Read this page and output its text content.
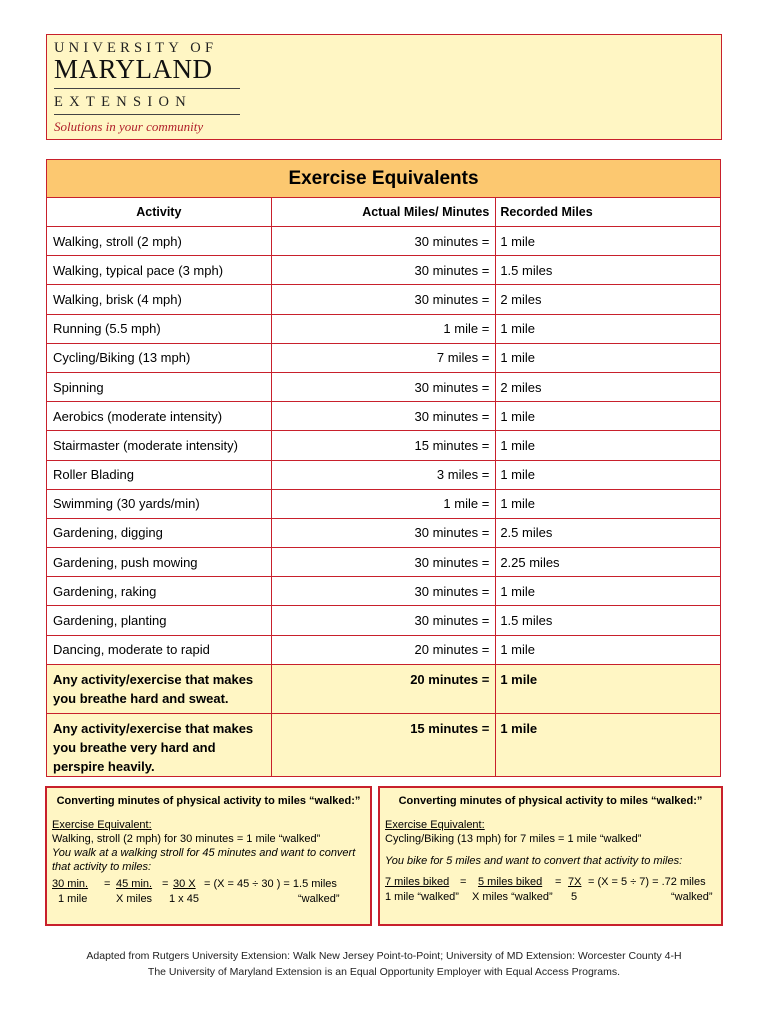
UNIVERSITY OF
MARYLAND
EXTENSION
Solutions in your community
Exercise Equivalents		
Activity	Actual Miles/ Minutes	Recorded Miles
Walking, stroll (2 mph)	30 minutes =	1 mile
Walking, typical pace (3 mph)	30 minutes =	1.5 miles
Walking, brisk (4 mph)	30 minutes =	2 miles
Running (5.5 mph)	1 mile =	1 mile
Cycling/Biking (13 mph)	7 miles =	1 mile
Spinning	30 minutes =	2 miles
Aerobics (moderate intensity)	30 minutes =	1 mile
Stairmaster (moderate intensity)	15 minutes =	1 mile
Roller Blading	3 miles =	1 mile
Swimming (30 yards/min)	1 mile =	1 mile
Gardening, digging	30 minutes =	2.5 miles
Gardening, push mowing	30 minutes =	2.25 miles
Gardening, raking	30 minutes =	1 mile
Gardening, planting	30 minutes =	1.5 miles
Dancing, moderate to rapid	20 minutes =	1 mile
Any activity/exercise that makes you breathe hard and sweat.	20 minutes =	1 mile
Any activity/exercise that makes you breathe very hard and perspire heavily.	15 minutes =	1 mile
Converting minutes of physical activity to miles “walked:”
Exercise Equivalent:
Walking, stroll (2 mph) for 30 minutes = 1 mile “walked”
You walk at a walking stroll for 45 minutes and want to convert that activity to miles:
30 min. = 45 min. = 30 X = (X = 45 ÷ 30 ) = 1.5 miles
1 mile	X miles 1 x 45	“walked”
Converting minutes of physical activity to miles “walked:”
Exercise Equivalent:
Cycling/Biking (13 mph) for 7 miles = 1 mile “walked”
You bike for 5 miles and want to convert that activity to miles:
7 miles biked = 5 miles biked = 7X = (X = 5 ÷ 7) = .72 miles
1 mile “walked” X miles “walked” 5	“walked”
Adapted from Rutgers University Extension: Walk New Jersey Point-to-Point; University of MD Extension: Worcester County 4-H
The University of Maryland Extension is an Equal Opportunity Employer with Equal Access Programs.
